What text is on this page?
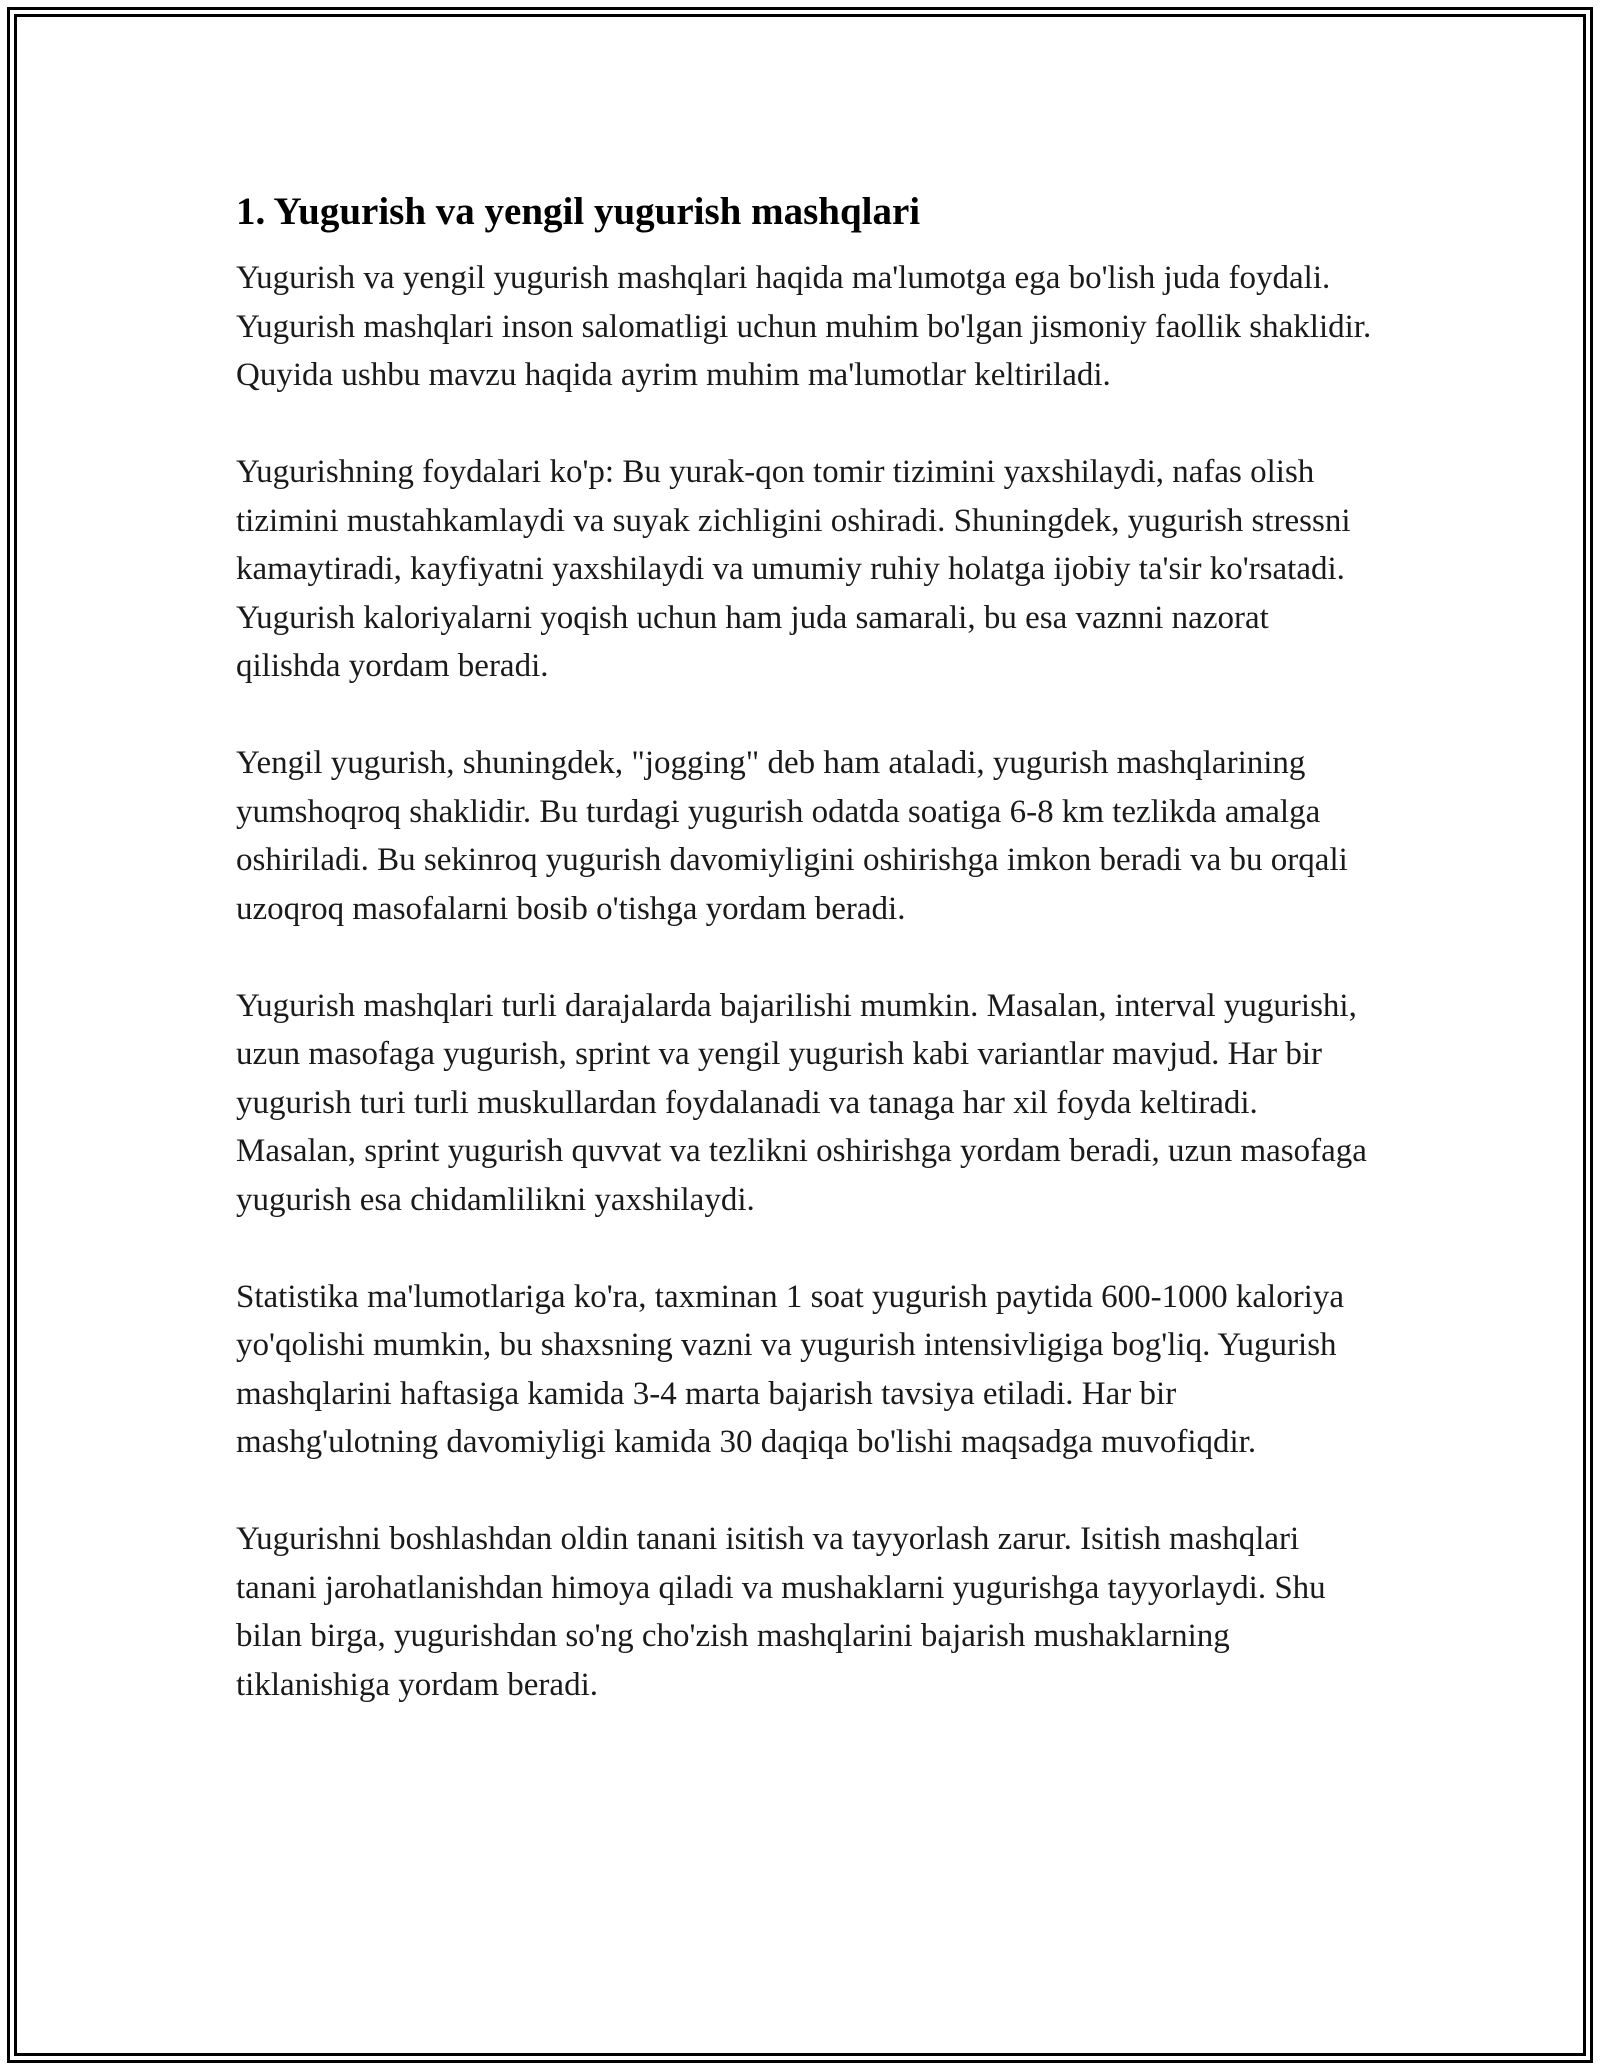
1. Yugurish va yengil yugurish mashqlari

Yugurish va yengil yugurish mashqlari haqida ma'lumotga ega bo'lish juda foydali. Yugurish mashqlari inson salomatligi uchun muhim bo'lgan jismoniy faollik shaklidir. Quyida ushbu mavzu haqida ayrim muhim ma'lumotlar keltiriladi.

Yugurishning foydalari ko'p: Bu yurak-qon tomir tizimini yaxshilaydi, nafas olish tizimini mustahkamlaydi va suyak zichligini oshiradi. Shuningdek, yugurish stressni kamaytiradi, kayfiyatni yaxshilaydi va umumiy ruhiy holatga ijobiy ta'sir ko'rsatadi. Yugurish kaloriyalarni yoqish uchun ham juda samarali, bu esa vaznni nazorat qilishda yordam beradi.

Yengil yugurish, shuningdek, "jogging" deb ham ataladi, yugurish mashqlarining yumshoqroq shaklidir. Bu turdagi yugurish odatda soatiga 6-8 km tezlikda amalga oshiriladi. Bu sekinroq yugurish davomiyligini oshirishga imkon beradi va bu orqali uzoqroq masofalarni bosib o'tishga yordam beradi.

Yugurish mashqlari turli darajalarda bajarilishi mumkin. Masalan, interval yugurishi, uzun masofaga yugurish, sprint va yengil yugurish kabi variantlar mavjud. Har bir yugurish turi turli muskullardan foydalanadi va tanaga har xil foyda keltiradi. Masalan, sprint yugurish quvvat va tezlikni oshirishga yordam beradi, uzun masofaga yugurish esa chidamlilikni yaxshilaydi.

Statistika ma'lumotlariga ko'ra, taxminan 1 soat yugurish paytida 600-1000 kaloriya yo'qolishi mumkin, bu shaxsning vazni va yugurish intensivligiga bog'liq. Yugurish mashqlarini haftasiga kamida 3-4 marta bajarish tavsiya etiladi. Har bir mashg'ulotning davomiyligi kamida 30 daqiqa bo'lishi maqsadga muvofiqdir.

Yugurishni boshlashdan oldin tanani isitish va tayyorlash zarur. Isitish mashqlari tanani jarohatlanishdan himoya qiladi va mushaklarni yugurishga tayyorlaydi. Shu bilan birga, yugurishdan so'ng cho'zish mashqlarini bajarish mushaklarning tiklanishiga yordam beradi.
